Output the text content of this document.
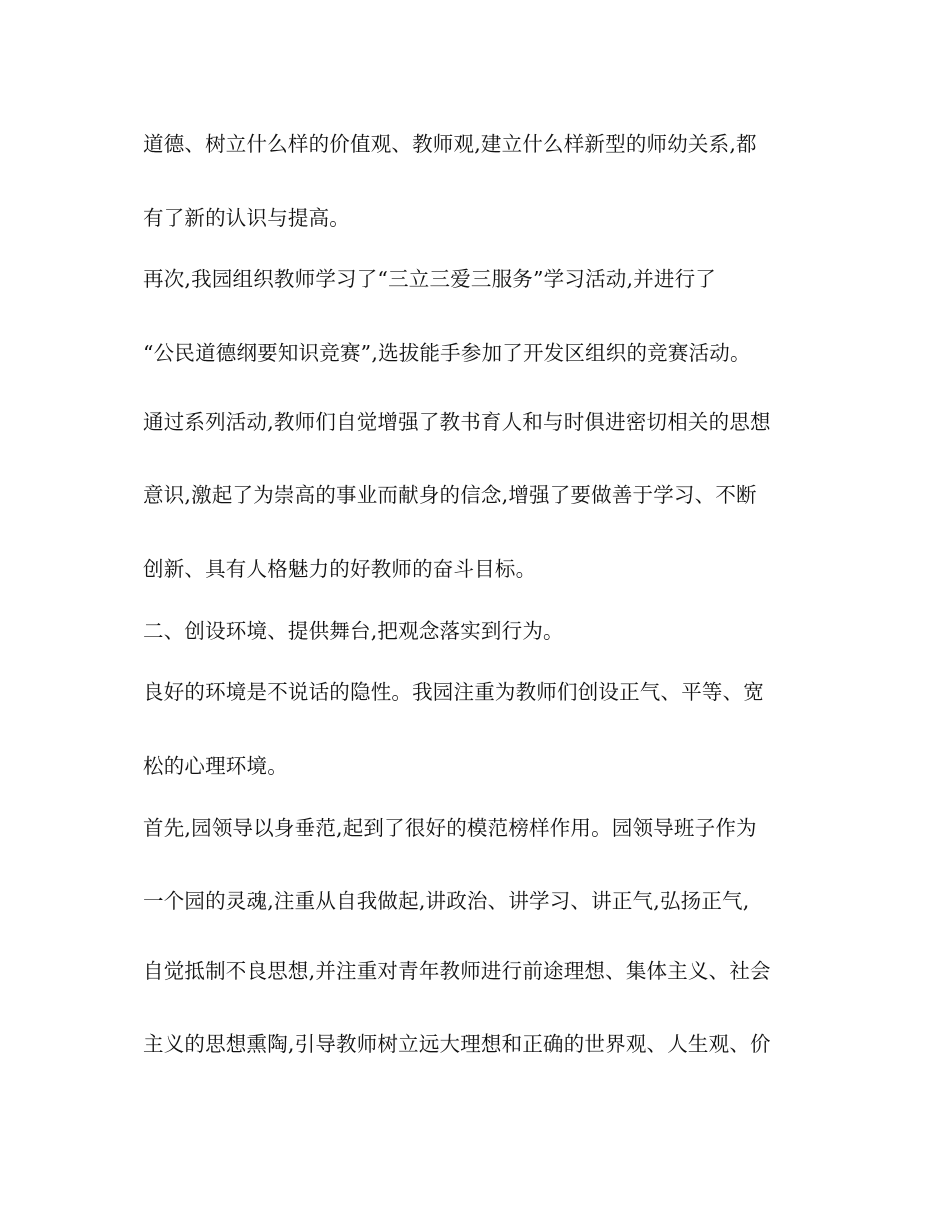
道德、树立什么样的价值观、教师观,建立什么样新型的师幼关系,都
有了新的认识与提高。
再次,我园组织教师学习了“三立三爱三服务”学习活动,并进行了
“公民道德纲要知识竞赛”,选拔能手参加了开发区组织的竞赛活动。
通过系列活动,教师们自觉增强了教书育人和与时俱进密切相关的思想
意识,激起了为崇高的事业而献身的信念,增强了要做善于学习、不断
创新、具有人格魅力的好教师的奋斗目标。
二、创设环境、提供舞台,把观念落实到行为。
良好的环境是不说话的隐性。我园注重为教师们创设正气、平等、宽
松的心理环境。
首先,园领导以身垂范,起到了很好的模范榜样作用。园领导班子作为
一个园的灵魂,注重从自我做起,讲政治、讲学习、讲正气,弘扬正气,
自觉抵制不良思想,并注重对青年教师进行前途理想、集体主义、社会
主义的思想熏陶,引导教师树立远大理想和正确的世界观、人生观、价
